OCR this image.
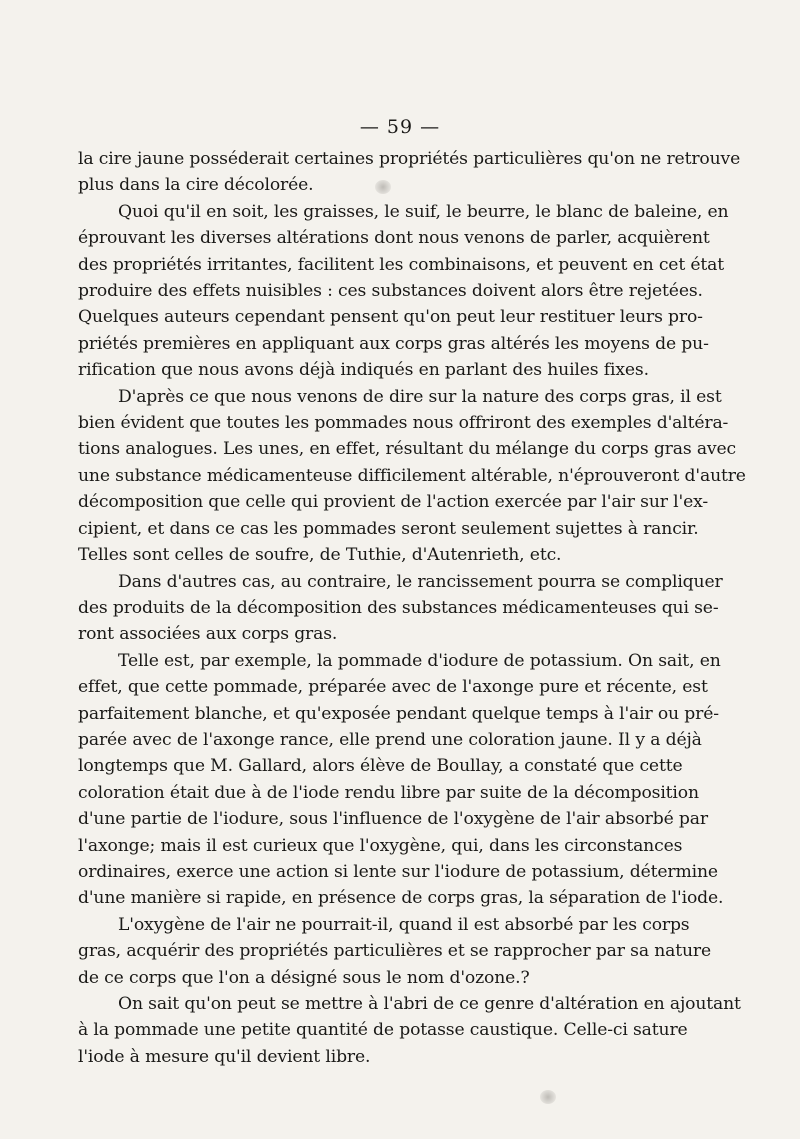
— 59 —
la cire jaune posséderait certaines propriétés particulières qu'on ne retrouve
plus dans la cire décolorée.
Quoi qu'il en soit, les graisses, le suif, le beurre, le blanc de baleine, en
éprouvant les diverses altérations dont nous venons de parler, acquièrent
des propriétés irritantes, facilitent les combinaisons, et peuvent en cet état
produire des effets nuisibles : ces substances doivent alors être rejetées.
Quelques auteurs cependant pensent qu'on peut leur restituer leurs pro-
priétés premières en appliquant aux corps gras altérés les moyens de pu-
rification que nous avons déjà indiqués en parlant des huiles fixes.
D'après ce que nous venons de dire sur la nature des corps gras, il est
bien évident que toutes les pommades nous offriront des exemples d'altéra-
tions analogues. Les unes, en effet, résultant du mélange du corps gras avec
une substance médicamenteuse difficilement altérable, n'éprouveront d'autre
décomposition que celle qui provient de l'action exercée par l'air sur l'ex-
cipient, et dans ce cas les pommades seront seulement sujettes à rancir.
Telles sont celles de soufre, de Tuthie, d'Autenrieth, etc.
Dans d'autres cas, au contraire, le rancissement pourra se compliquer
des produits de la décomposition des substances médicamenteuses qui se-
ront associées aux corps gras.
Telle est, par exemple, la pommade d'iodure de potassium. On sait, en
effet, que cette pommade, préparée avec de l'axonge pure et récente, est
parfaitement blanche, et qu'exposée pendant quelque temps à l'air ou pré-
parée avec de l'axonge rance, elle prend une coloration jaune. Il y a déjà
longtemps que M. Gallard, alors élève de Boullay, a constaté que cette
coloration était due à de l'iode rendu libre par suite de la décomposition
d'une partie de l'iodure, sous l'influence de l'oxygène de l'air absorbé par
l'axonge; mais il est curieux que l'oxygène, qui, dans les circonstances
ordinaires, exerce une action si lente sur l'iodure de potassium, détermine
d'une manière si rapide, en présence de corps gras, la séparation de l'iode.
L'oxygène de l'air ne pourrait-il, quand il est absorbé par les corps
gras, acquérir des propriétés particulières et se rapprocher par sa nature
de ce corps que l'on a désigné sous le nom d'ozone.?
On sait qu'on peut se mettre à l'abri de ce genre d'altération en ajoutant
à la pommade une petite quantité de potasse caustique. Celle-ci sature
l'iode à mesure qu'il devient libre.
